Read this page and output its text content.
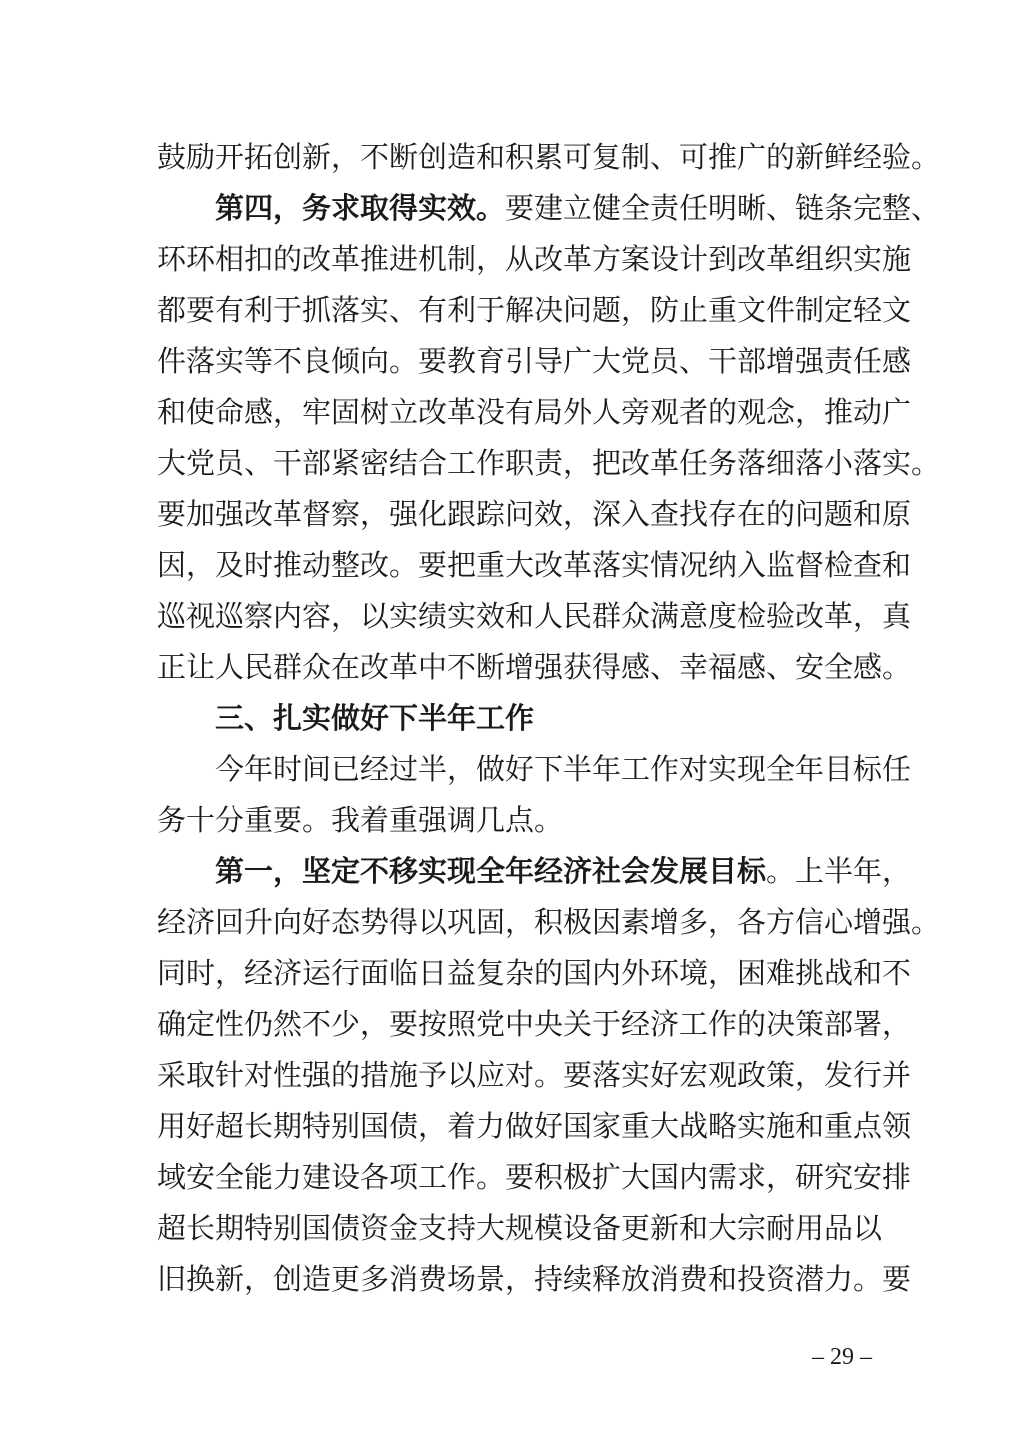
鼓励开拓创新，不断创造和积累可复制、可推广的新鲜经验。
第四，务求取得实效。要建立健全责任明晰、链条完整、
环环相扣的改革推进机制，从改革方案设计到改革组织实施
都要有利于抓落实、有利于解决问题，防止重文件制定轻文
件落实等不良倾向。要教育引导广大党员、干部增强责任感
和使命感，牢固树立改革没有局外人旁观者的观念，推动广
大党员、干部紧密结合工作职责，把改革任务落细落小落实。
要加强改革督察，强化跟踪问效，深入查找存在的问题和原
因，及时推动整改。要把重大改革落实情况纳入监督检查和
巡视巡察内容，以实绩实效和人民群众满意度检验改革，真
正让人民群众在改革中不断增强获得感、幸福感、安全感。
三、扎实做好下半年工作
今年时间已经过半，做好下半年工作对实现全年目标任
务十分重要。我着重强调几点。
第一，坚定不移实现全年经济社会发展目标。上半年，
经济回升向好态势得以巩固，积极因素增多，各方信心增强。
同时，经济运行面临日益复杂的国内外环境，困难挑战和不
确定性仍然不少，要按照党中央关于经济工作的决策部署，
采取针对性强的措施予以应对。要落实好宏观政策，发行并
用好超长期特别国债，着力做好国家重大战略实施和重点领
域安全能力建设各项工作。要积极扩大国内需求，研究安排
超长期特别国债资金支持大规模设备更新和大宗耐用品以
旧换新，创造更多消费场景，持续释放消费和投资潜力。要
– 29 –
